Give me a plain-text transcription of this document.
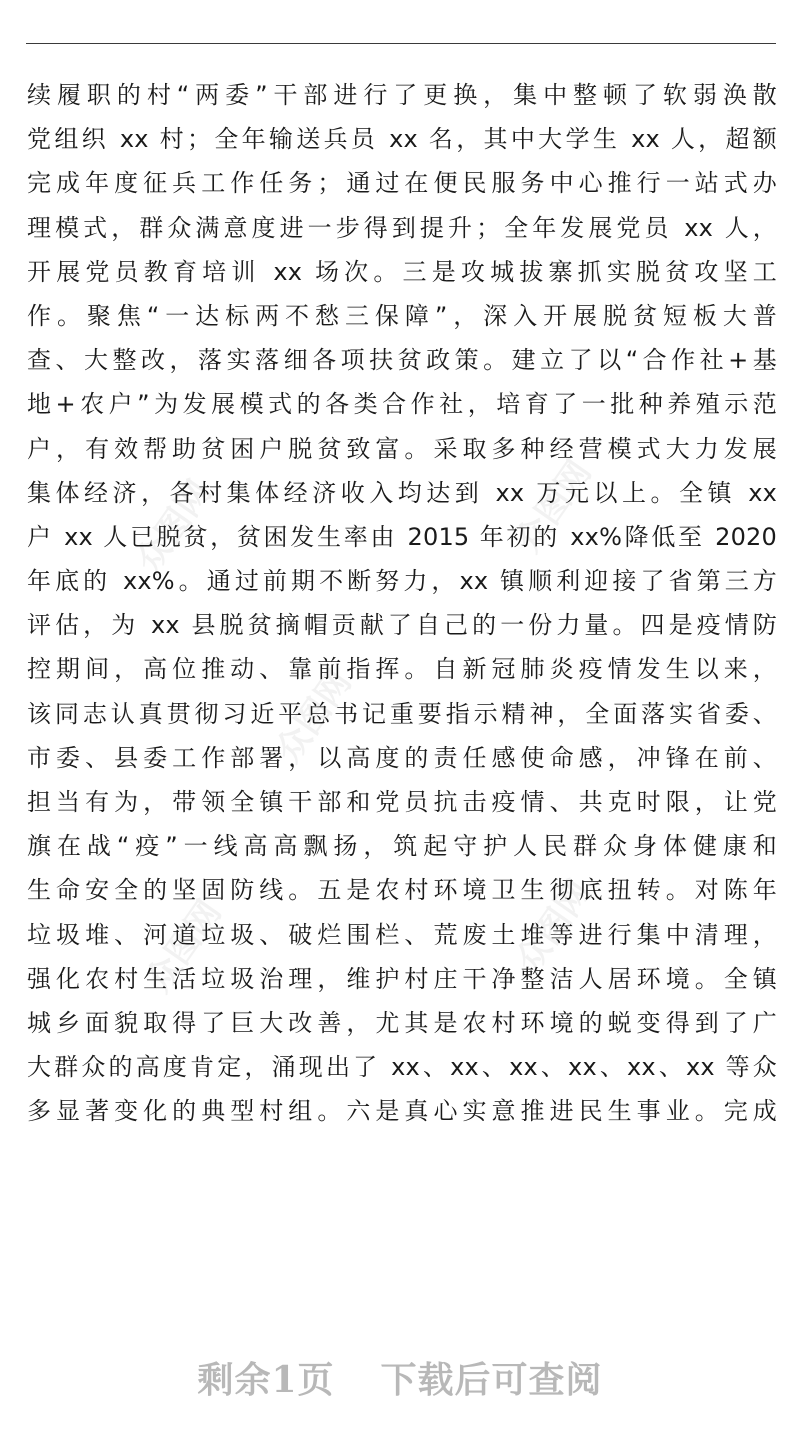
众图网	众图网
众图网
众图网	众图网
续履职的村“两委”干部进行了更换，集中整顿了软弱涣散
党组织 xx 村；全年输送兵员 xx 名，其中大学生 xx 人，超额
完成年度征兵工作任务；通过在便民服务中心推行一站式办
理模式，群众满意度进一步得到提升；全年发展党员 xx 人，
开展党员教育培训 xx 场次。三是攻城拔寨抓实脱贫攻坚工
作。聚焦“一达标两不愁三保障”，深入开展脱贫短板大普
查、大整改，落实落细各项扶贫政策。建立了以“合作社+基
地+农户”为发展模式的各类合作社，培育了一批种养殖示范
户，有效帮助贫困户脱贫致富。采取多种经营模式大力发展
集体经济，各村集体经济收入均达到 xx 万元以上。全镇 xx
户 xx 人已脱贫，贫困发生率由 2015 年初的 xx%降低至 2020
年底的 xx%。通过前期不断努力，xx 镇顺利迎接了省第三方
评估，为 xx 县脱贫摘帽贡献了自己的一份力量。四是疫情防
控期间，高位推动、靠前指挥。自新冠肺炎疫情发生以来，
该同志认真贯彻习近平总书记重要指示精神，全面落实省委、
市委、县委工作部署，以高度的责任感使命感，冲锋在前、
担当有为，带领全镇干部和党员抗击疫情、共克时限，让党
旗在战“疫”一线高高飘扬，筑起守护人民群众身体健康和
生命安全的坚固防线。五是农村环境卫生彻底扭转。对陈年
垃圾堆、河道垃圾、破烂围栏、荒废土堆等进行集中清理，
强化农村生活垃圾治理，维护村庄干净整洁人居环境。全镇
城乡面貌取得了巨大改善，尤其是农村环境的蜕变得到了广
大群众的高度肯定，涌现出了 xx、xx、xx、xx、xx、xx 等众
多显著变化的典型村组。六是真心实意推进民生事业。完成
剩余1页 下载后可查阅
